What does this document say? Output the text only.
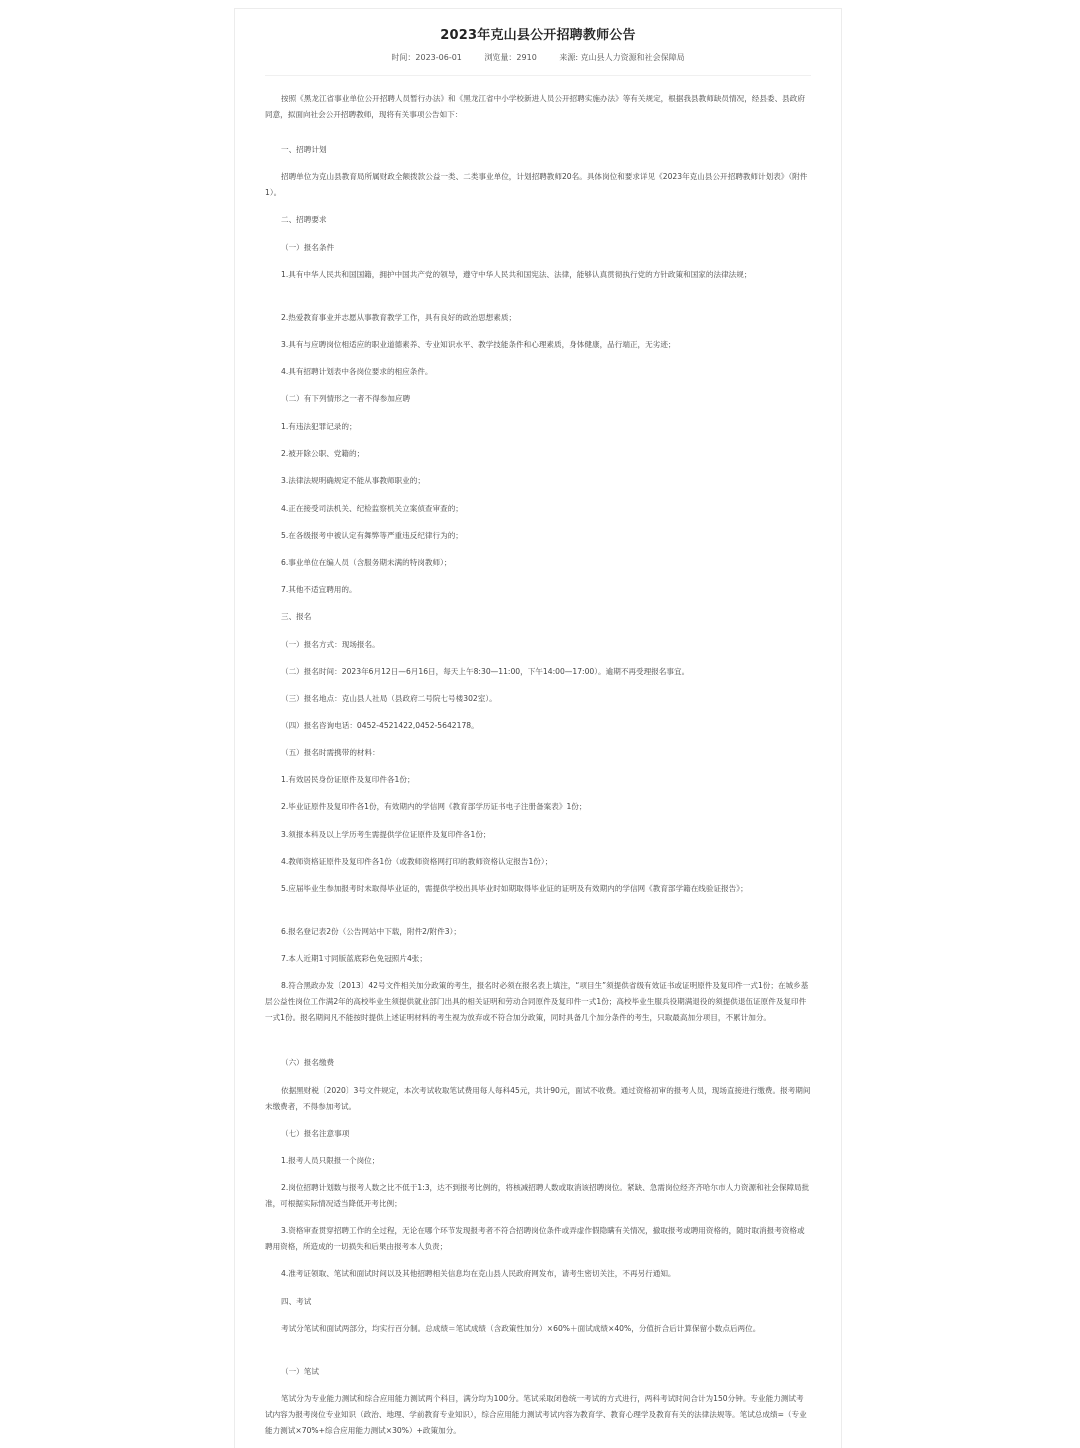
2023年克山县公开招聘教师公告
时间：2023-06-01	浏览量：2910	来源: 克山县人力资源和社会保障局
按照《黑龙江省事业单位公开招聘人员暂行办法》和《黑龙江省中小学校新进人员公开招聘实施办法》等有关规定，根据我县教师缺员情况，经县委、县政府同意，拟面向社会公开招聘教师，现将有关事项公告如下：
一、招聘计划
招聘单位为克山县教育局所属财政全额拨款公益一类、二类事业单位，计划招聘教师20名。具体岗位和要求详见《2023年克山县公开招聘教师计划表》（附件1）。
二、招聘要求
（一）报名条件
1.具有中华人民共和国国籍，拥护中国共产党的领导，遵守中华人民共和国宪法、法律，能够认真贯彻执行党的方针政策和国家的法律法规；
2.热爱教育事业并志愿从事教育教学工作，具有良好的政治思想素质；
3.具有与应聘岗位相适应的职业道德素养、专业知识水平、教学技能条件和心理素质，身体健康，品行端正，无劣迹；
4.具有招聘计划表中各岗位要求的相应条件。
（二）有下列情形之一者不得参加应聘
1.有违法犯罪记录的；
2.被开除公职、党籍的；
3.法律法规明确规定不能从事教师职业的；
4.正在接受司法机关、纪检监察机关立案侦查审查的；
5.在各级报考中被认定有舞弊等严重违反纪律行为的；
6.事业单位在编人员（含服务期未满的特岗教师）；
7.其他不适宜聘用的。
三、报名
（一）报名方式：现场报名。
（二）报名时间：2023年6月12日—6月16日，每天上午8:30—11:00，下午14:00—17:00）。逾期不再受理报名事宜。
（三）报名地点：克山县人社局（县政府二号院七号楼302室）。
（四）报名咨询电话：0452-4521422,0452-5642178。
（五）报名时需携带的材料：
1.有效居民身份证原件及复印件各1份；
2.毕业证原件及复印件各1份，有效期内的学信网《教育部学历证书电子注册备案表》1份；
3.须报本科及以上学历考生需提供学位证原件及复印件各1份；
4.教师资格证原件及复印件各1份（或教师资格网打印的教师资格认定报告1份）；
5.应届毕业生参加报考时未取得毕业证的，需提供学校出具毕业时如期取得毕业证的证明及有效期内的学信网《教育部学籍在线验证报告》；
6.报名登记表2份（公告网站中下载，附件2/附件3）；
7.本人近期1寸同版蓝底彩色免冠照片4张；
8.符合黑政办发〔2013〕42号文件相关加分政策的考生，报名时必须在报名表上填注，“项目生”须提供省级有效证书或证明原件及复印件一式1份；在城乡基层公益性岗位工作满2年的高校毕业生须提供就业部门出具的相关证明和劳动合同原件及复印件一式1份；高校毕业生服兵役期满退役的须提供退伍证原件及复印件一式1份。报名期间凡不能按时提供上述证明材料的考生视为放弃或不符合加分政策，同时具备几个加分条件的考生，只取最高加分项目，不累计加分。
（六）报名缴费
依据黑财税〔2020〕3号文件规定，本次考试收取笔试费用每人每科45元，共计90元，面试不收费。通过资格初审的报考人员，现场直接进行缴费。报考期间未缴费者，不得参加考试。
（七）报名注意事项
1.报考人员只限报一个岗位；
2.岗位招聘计划数与报考人数之比不低于1:3，达不到报考比例的，将核减招聘人数或取消该招聘岗位。紧缺、急需岗位经齐齐哈尔市人力资源和社会保障局批准，可根据实际情况适当降低开考比例；
3.资格审查贯穿招聘工作的全过程，无论在哪个环节发现报考者不符合招聘岗位条件或弄虚作假隐瞒有关情况，撤取报考或聘用资格的，随时取消报考资格或聘用资格，所造成的一切损失和后果由报考本人负责；
4.准考证领取、笔试和面试时间以及其他招聘相关信息均在克山县人民政府网发布，请考生密切关注，不再另行通知。
四、考试
考试分笔试和面试两部分，均实行百分制。总成绩＝笔试成绩（含政策性加分）×60%＋面试成绩×40%，分值折合后计算保留小数点后两位。
（一）笔试
笔试分为专业能力测试和综合应用能力测试两个科目，满分均为100分。笔试采取闭卷统一考试的方式进行，两科考试时间合计为150分钟。专业能力测试考试内容为报考岗位专业知识（政治、地理、学前教育专业知识），综合应用能力测试考试内容为教育学、教育心理学及教育有关的法律法规等。笔试总成绩=（专业能力测试×70%+综合应用能力测试×30%）+政策加分。
